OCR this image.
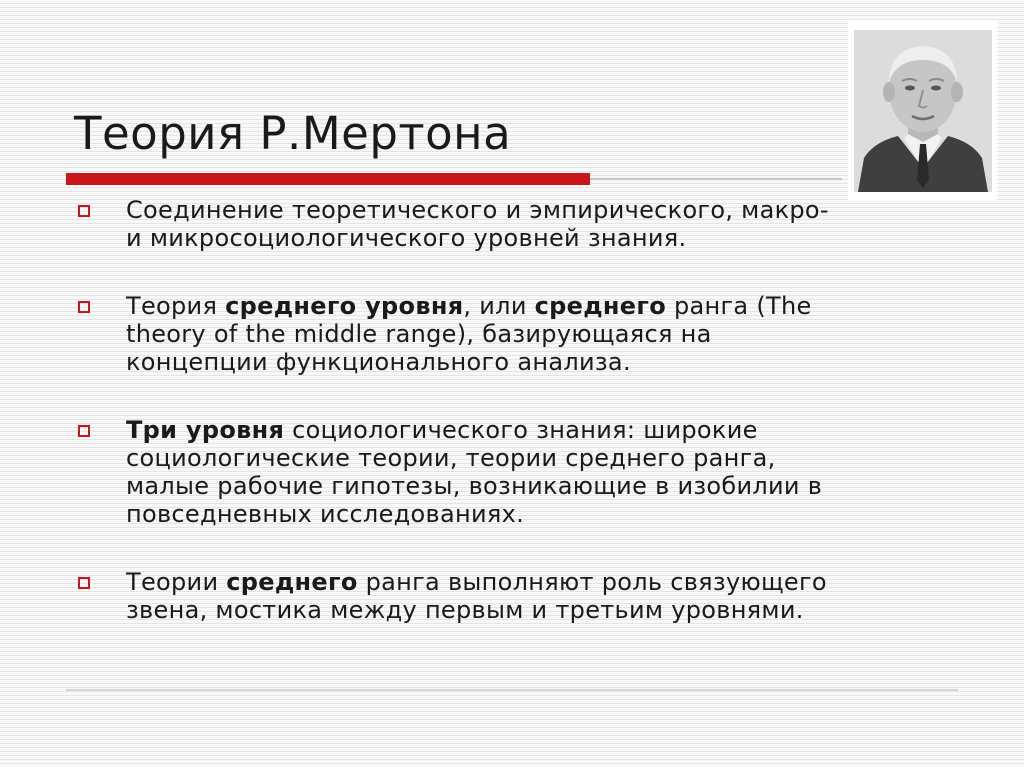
Теория Р.Мертона

Соединение теоретического и эмпирического, макро-
и микросоциологического уровней знания.

Теория среднего уровня, или среднего ранга (The
theory of the middle range), базирующаяся на
концепции функционального анализа.

Три уровня социологического знания: широкие
социологические теории, теории среднего ранга,
малые рабочие гипотезы, возникающие в изобилии в
повседневных исследованиях.

Теории среднего ранга выполняют роль связующего
звена, мостика между первым и третьим уровнями.
